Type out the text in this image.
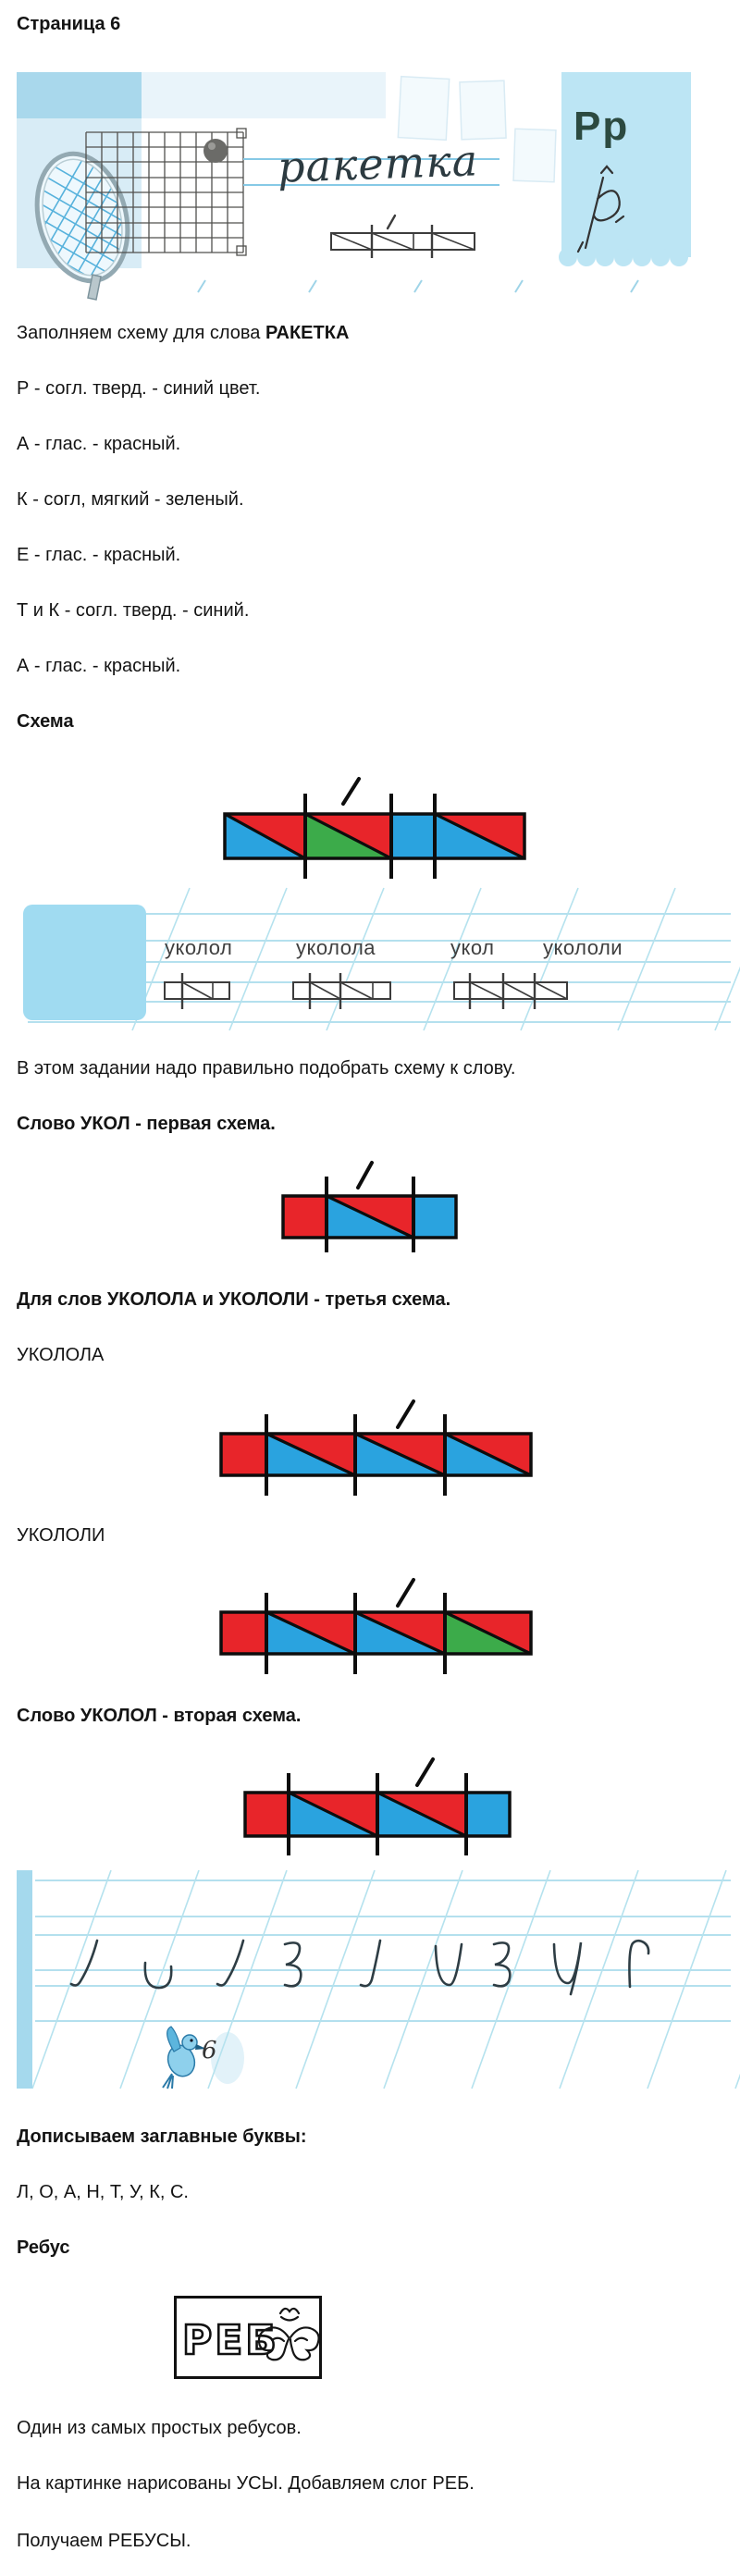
Страница 6
Заполняем схему для слова РАКЕТКА
Р - согл. тверд. - синий цвет.
А - глас. - красный.
К - согл, мягкий - зеленый.
Е - глас. - красный.
Т и К - согл. тверд. - синий.
А - глас. - красный.
Схема
ракетка
Рр
уколол	уколола	укол укололи
В этом задании надо правильно подобрать схему к слову.
Слово УКОЛ - первая схема.
Для слов УКОЛОЛА и УКОЛОЛИ - третья схема.
УКОЛОЛА
УКОЛОЛИ
Слово УКОЛОЛ - вторая схема.
6
Дописываем заглавные буквы:
Л, О, А, Н, Т, У, К, С.
Ребус
РЕБ
Один из самых простых ребусов.
На картинке нарисованы УСЫ. Добавляем слог РЕБ.
Получаем РЕБУСЫ.
